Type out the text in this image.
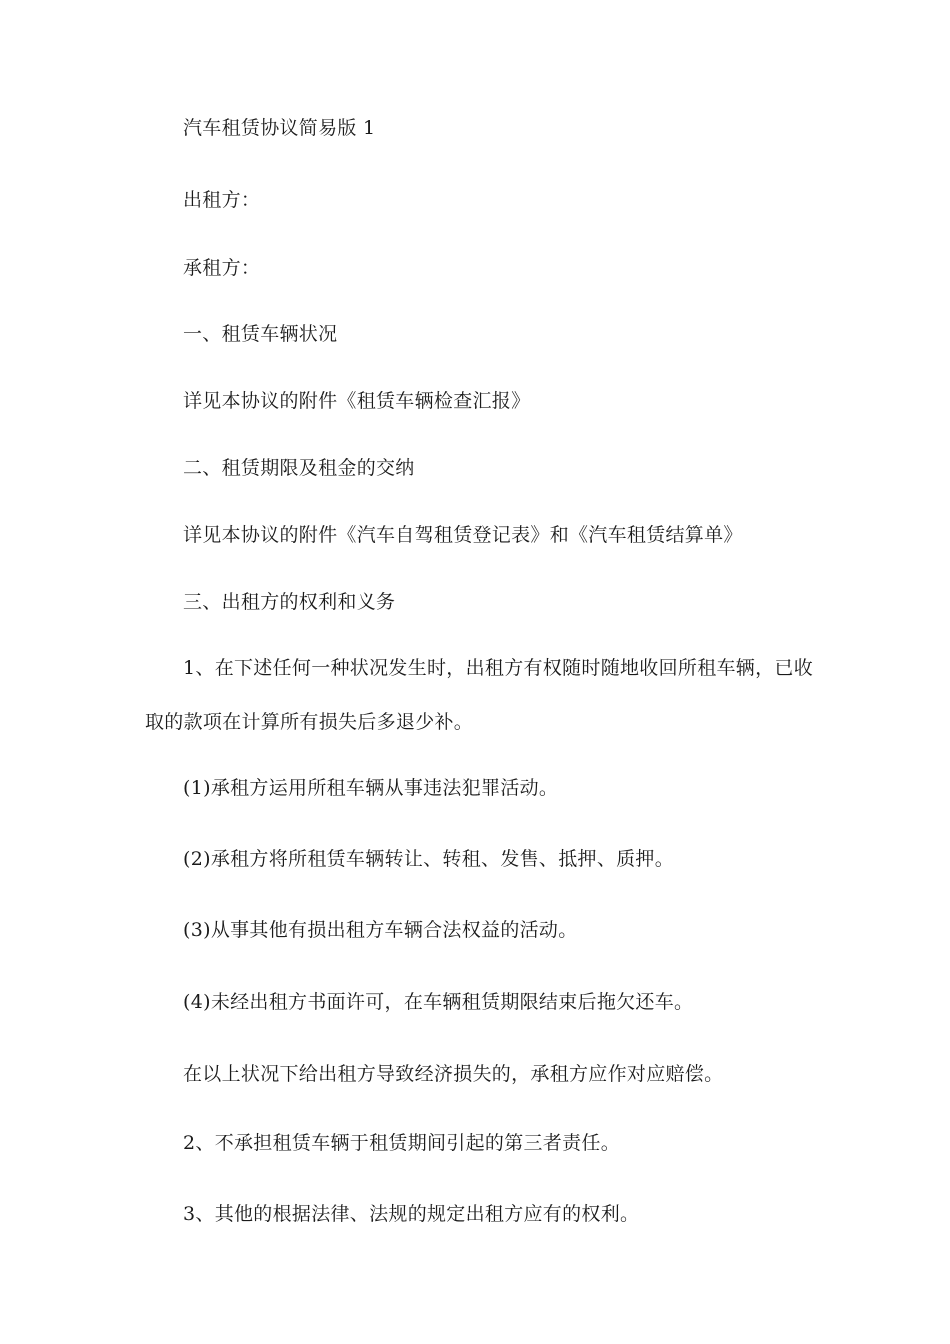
汽车租赁协议简易版 1
出租方：
承租方：
一、租赁车辆状况
详见本协议的附件《租赁车辆检查汇报》
二、租赁期限及租金的交纳
详见本协议的附件《汽车自驾租赁登记表》和《汽车租赁结算单》
三、出租方的权利和义务
1、在下述任何一种状况发生时，出租方有权随时随地收回所租车辆，已收
取的款项在计算所有损失后多退少补。
(1)承租方运用所租车辆从事违法犯罪活动。
(2)承租方将所租赁车辆转让、转租、发售、抵押、质押。
(3)从事其他有损出租方车辆合法权益的活动。
(4)未经出租方书面许可，在车辆租赁期限结束后拖欠还车。
在以上状况下给出租方导致经济损失的，承租方应作对应赔偿。
2、不承担租赁车辆于租赁期间引起的第三者责任。
3、其他的根据法律、法规的规定出租方应有的权利。
